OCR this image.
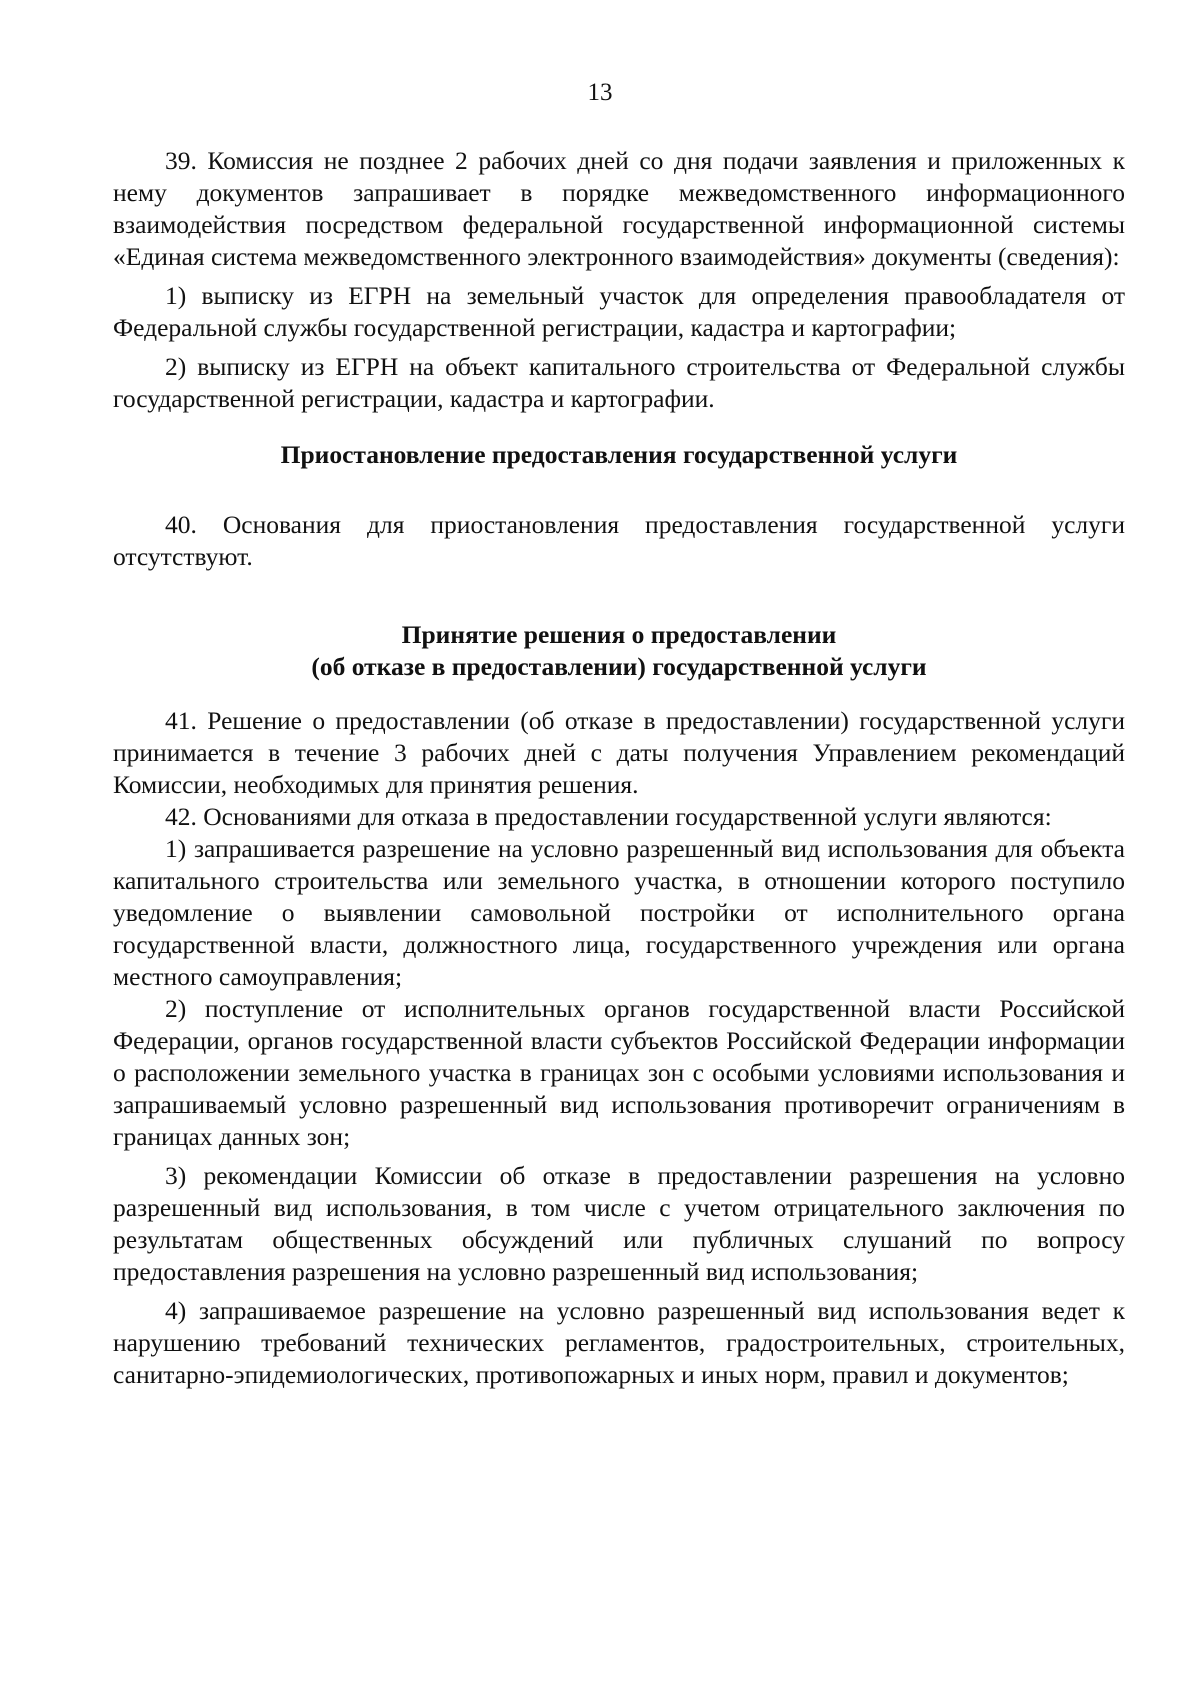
13

39. Комиссия не позднее 2 рабочих дней со дня подачи заявления и приложенных к нему документов запрашивает в порядке межведомственного информационного взаимодействия посредством федеральной государственной информационной системы «Единая система межведомственного электронного взаимодействия» документы (сведения):

1) выписку из ЕГРН на земельный участок для определения правообладателя от Федеральной службы государственной регистрации, кадастра и картографии;

2) выписку из ЕГРН на объект капитального строительства от Федеральной службы государственной регистрации, кадастра и картографии.

Приостановление предоставления государственной услуги

40. Основания для приостановления предоставления государственной услуги отсутствуют.

Принятие решения о предоставлении

(об отказе в предоставлении) государственной услуги

41. Решение о предоставлении (об отказе в предоставлении) государственной услуги принимается в течение 3 рабочих дней с даты получения Управлением рекомендаций Комиссии, необходимых для принятия решения.

42. Основаниями для отказа в предоставлении государственной услуги являются:

1) запрашивается разрешение на условно разрешенный вид использования для объекта капитального строительства или земельного участка, в отношении которого поступило уведомление о выявлении самовольной постройки от исполнительного органа государственной власти, должностного лица, государственного учреждения или органа местного самоуправления;

2) поступление от исполнительных органов государственной власти Российской Федерации, органов государственной власти субъектов Российской Федерации информации о расположении земельного участка в границах зон с особыми условиями использования и запрашиваемый условно разрешенный вид использования противоречит ограничениям в границах данных зон;

3) рекомендации Комиссии об отказе в предоставлении разрешения на условно разрешенный вид использования, в том числе с учетом отрицательного заключения по результатам общественных обсуждений или публичных слушаний по вопросу предоставления разрешения на условно разрешенный вид использования;

4) запрашиваемое разрешение на условно разрешенный вид использования ведет к нарушению требований технических регламентов, градостроительных, строительных, санитарно-эпидемиологических, противопожарных и иных норм, правил и документов;
